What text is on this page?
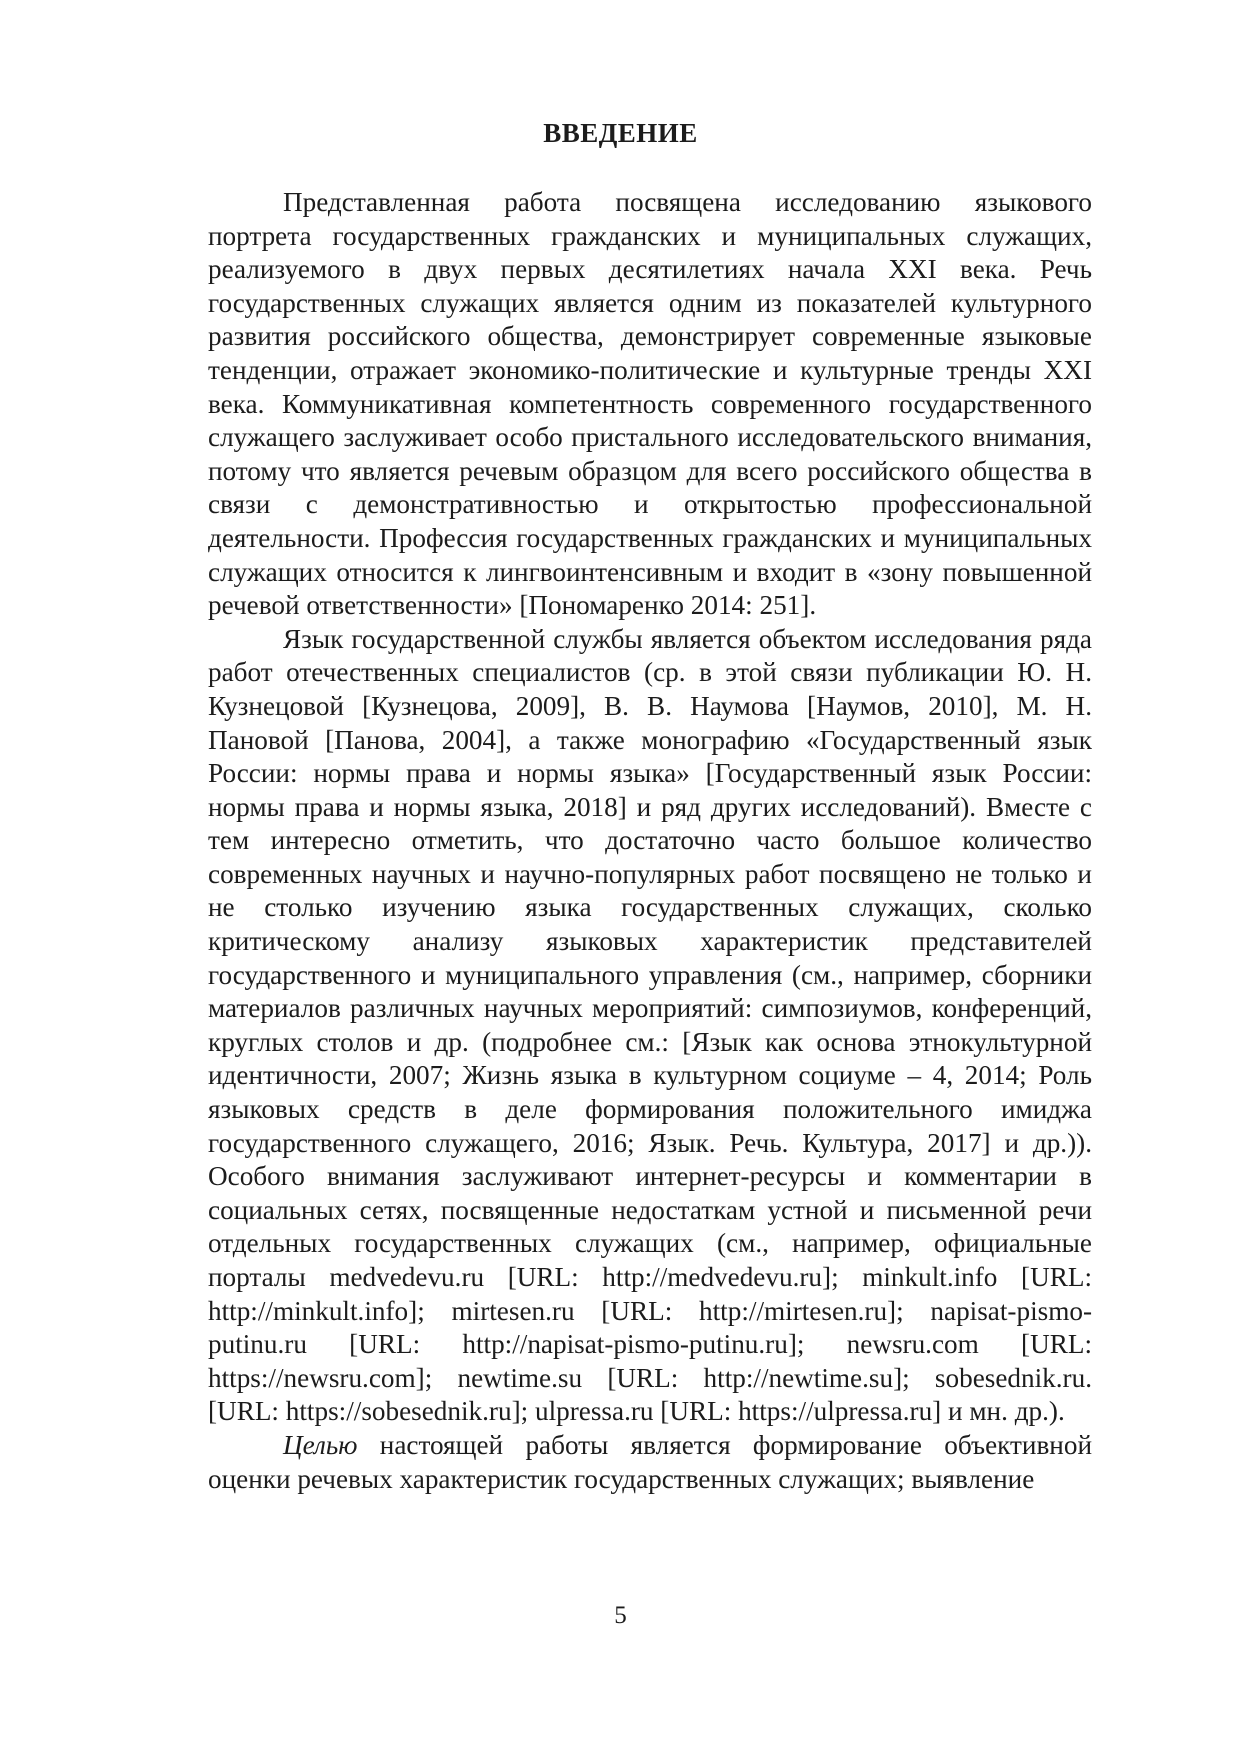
ВВЕДЕНИЕ

Представленная работа посвящена исследованию языкового портрета государственных гражданских и муниципальных служащих, реализуемого в двух первых десятилетиях начала XXI века. Речь государственных служащих является одним из показателей культурного развития российского общества, демонстрирует современные языковые тенденции, отражает экономико-политические и культурные тренды XXI века. Коммуникативная компетентность современного государственного служащего заслуживает особо пристального исследовательского внимания, потому что является речевым образцом для всего российского общества в связи с демонстративностью и открытостью профессиональной деятельности. Профессия государственных гражданских и муниципальных служащих относится к лингвоинтенсивным и входит в «зону повышенной речевой ответственности» [Пономаренко 2014: 251].

Язык государственной службы является объектом исследования ряда работ отечественных специалистов (ср. в этой связи публикации Ю. Н. Кузнецовой [Кузнецова, 2009], В. В. Наумова [Наумов, 2010], М. Н. Пановой [Панова, 2004], а также монографию «Государственный язык России: нормы права и нормы языка» [Государственный язык России: нормы права и нормы языка, 2018] и ряд других исследований). Вместе с тем интересно отметить, что достаточно часто большое количество современных научных и научно-популярных работ посвящено не только и не столько изучению языка государственных служащих, сколько критическому анализу языковых характеристик представителей государственного и муниципального управления (см., например, сборники материалов различных научных мероприятий: симпозиумов, конференций, круглых столов и др. (подробнее см.: [Язык как основа этнокультурной идентичности, 2007; Жизнь языка в культурном социуме – 4, 2014; Роль языковых средств в деле формирования положительного имиджа государственного служащего, 2016; Язык. Речь. Культура, 2017] и др.)). Особого внимания заслуживают интернет-ресурсы и комментарии в социальных сетях, посвященные недостаткам устной и письменной речи отдельных государственных служащих (см., например, официальные порталы medvedevu.ru [URL: http://medvedevu.ru]; minkult.info [URL: http://minkult.info]; mirtesen.ru [URL: http://mirtesen.ru]; napisat-pismo-putinu.ru [URL: http://napisat-pismo-putinu.ru]; newsru.com [URL: https://newsru.com]; newtime.su [URL: http://newtime.su]; sobesednik.ru. [URL: https://sobesednik.ru]; ulpressa.ru [URL: https://ulpressa.ru] и мн. др.).

Целью настоящей работы является формирование объективной оценки речевых характеристик государственных служащих; выявление

5
